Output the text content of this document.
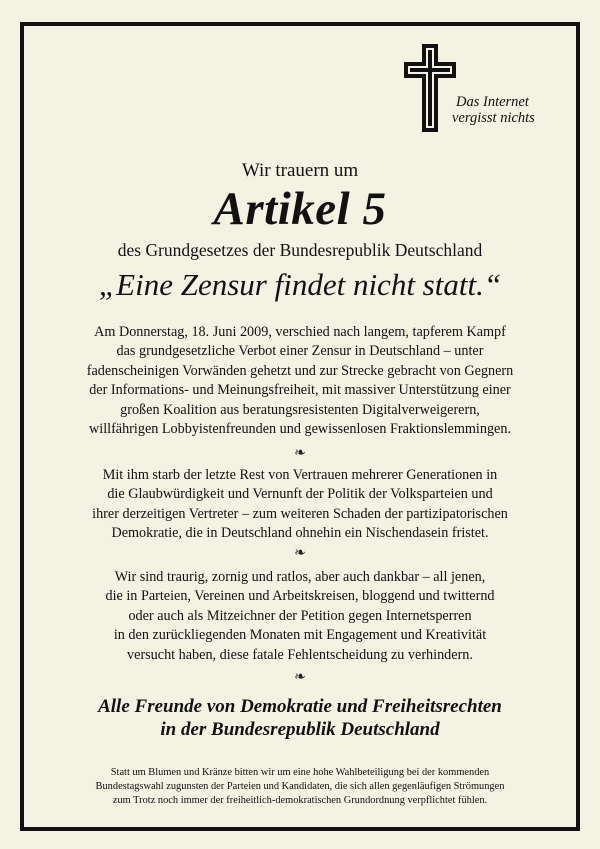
Das Internet
vergisst nichts
Wir trauern um
Artikel 5
des Grundgesetzes der Bundesrepublik Deutschland
„Eine Zensur findet nicht statt.“
Am Donnerstag, 18. Juni 2009, verschied nach langem, tapferem Kampf
das grundgesetzliche Verbot einer Zensur in Deutschland – unter
fadenscheinigen Vorwänden gehetzt und zur Strecke gebracht von Gegnern
der Informations- und Meinungsfreiheit, mit massiver Unterstützung einer
großen Koalition aus beratungsresistenten Digitalverweigerern,
willfährigen Lobbyistenfreunden und gewissenlosen Fraktionslemmingen.
❧
Mit ihm starb der letzte Rest von Vertrauen mehrerer Generationen in
die Glaubwürdigkeit und Vernunft der Politik der Volksparteien und
ihrer derzeitigen Vertreter – zum weiteren Schaden der partizipatorischen
Demokratie, die in Deutschland ohnehin ein Nischendasein fristet.
❧
Wir sind traurig, zornig und ratlos, aber auch dankbar – all jenen,
die in Parteien, Vereinen und Arbeitskreisen, bloggend und twitternd
oder auch als Mitzeichner der Petition gegen Internetsperren
in den zurückliegenden Monaten mit Engagement und Kreativität
versucht haben, diese fatale Fehlentscheidung zu verhindern.
❧
Alle Freunde von Demokratie und Freiheitsrechten
in der Bundesrepublik Deutschland
Statt um Blumen und Kränze bitten wir um eine hohe Wahlbeteiligung bei der kommenden
Bundestagswahl zugunsten der Parteien und Kandidaten, die sich allen gegenläufigen Strömungen
zum Trotz noch immer der freiheitlich-demokratischen Grundordnung verpflichtet fühlen.
